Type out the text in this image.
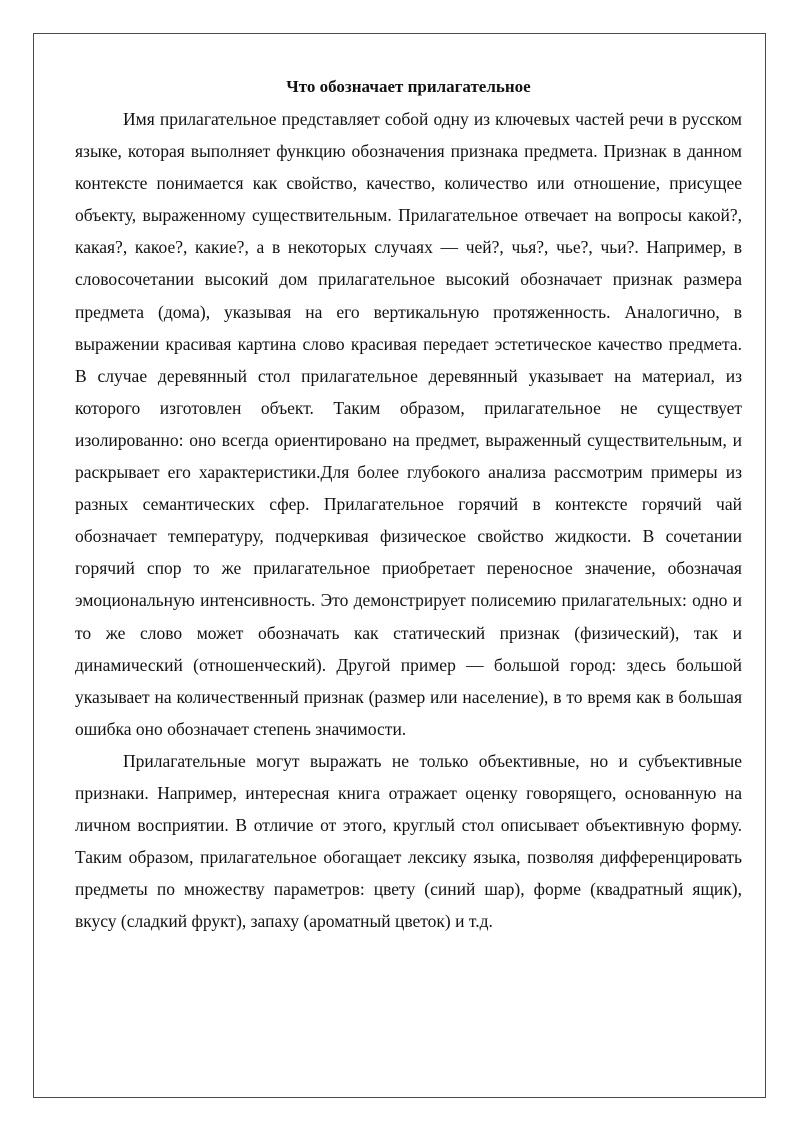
Что обозначает прилагательное

Имя прилагательное представляет собой одну из ключевых частей речи в русском языке, которая выполняет функцию обозначения признака предмета. Признак в данном контексте понимается как свойство, качество, количество или отношение, присущее объекту, выраженному существительным. Прилагательное отвечает на вопросы какой?, какая?, какое?, какие?, а в некоторых случаях — чей?, чья?, чье?, чьи?. Например, в словосочетании высокий дом прилагательное высокий обозначает признак размера предмета (дома), указывая на его вертикальную протяженность. Аналогично, в выражении красивая картина слово красивая передает эстетическое качество предмета. В случае деревянный стол прилагательное деревянный указывает на материал, из которого изготовлен объект. Таким образом, прилагательное не существует изолированно: оно всегда ориентировано на предмет, выраженный существительным, и раскрывает его характеристики.Для более глубокого анализа рассмотрим примеры из разных семантических сфер. Прилагательное горячий в контексте горячий чай обозначает температуру, подчеркивая физическое свойство жидкости. В сочетании горячий спор то же прилагательное приобретает переносное значение, обозначая эмоциональную интенсивность. Это демонстрирует полисемию прилагательных: одно и то же слово может обозначать как статический признак (физический), так и динамический (отношенческий). Другой пример — большой город: здесь большой указывает на количественный признак (размер или население), в то время как в большая ошибка оно обозначает степень значимости.

Прилагательные могут выражать не только объективные, но и субъективные признаки. Например, интересная книга отражает оценку говорящего, основанную на личном восприятии. В отличие от этого, круглый стол описывает объективную форму. Таким образом, прилагательное обогащает лексику языка, позволяя дифференцировать предметы по множеству параметров: цвету (синий шар), форме (квадратный ящик), вкусу (сладкий фрукт), запаху (ароматный цветок) и т.д.
